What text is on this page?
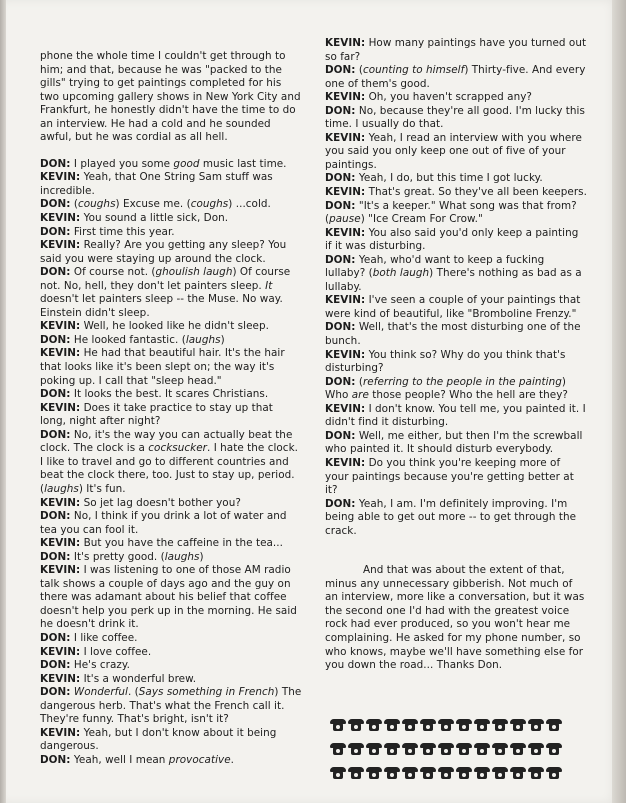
phone the whole time I couldn't get through to him; and that, because he was "packed to the gills" trying to get paintings completed for his two upcoming gallery shows in New York City and Frankfurt, he honestly didn't have the time to do an interview. He had a cold and he sounded awful, but he was cordial as all hell.

DON: I played you some good music last time.

KEVIN: Yeah, that One String Sam stuff was incredible.

DON: (coughs) Excuse me. (coughs) ...cold.

KEVIN: You sound a little sick, Don.

DON: First time this year.

KEVIN: Really? Are you getting any sleep? You said you were staying up around the clock.

DON: Of course not. (ghoulish laugh) Of course not. No, hell, they don't let painters sleep. It doesn't let painters sleep -- the Muse. No way. Einstein didn't sleep.

KEVIN: Well, he looked like he didn't sleep.

DON: He looked fantastic. (laughs)

KEVIN: He had that beautiful hair. It's the hair that looks like it's been slept on; the way it's poking up. I call that "sleep head."

DON: It looks the best. It scares Christians.

KEVIN: Does it take practice to stay up that long, night after night?

DON: No, it's the way you can actually beat the clock. The clock is a cocksucker. I hate the clock. I like to travel and go to different countries and beat the clock there, too. Just to stay up, period. (laughs) It's fun.

KEVIN: So jet lag doesn't bother you?

DON: No, I think if you drink a lot of water and tea you can fool it.

KEVIN: But you have the caffeine in the tea...

DON: It's pretty good. (laughs)

KEVIN: I was listening to one of those AM radio talk shows a couple of days ago and the guy on there was adamant about his belief that coffee doesn't help you perk up in the morning. He said he doesn't drink it.

DON: I like coffee.

KEVIN: I love coffee.

DON: He's crazy.

KEVIN: It's a wonderful brew.

DON: Wonderful. (Says something in French) The dangerous herb. That's what the French call it. They're funny. That's bright, isn't it?

KEVIN: Yeah, but I don't know about it being dangerous.

DON: Yeah, well I mean provocative.

KEVIN: How many paintings have you turned out so far?

DON: (counting to himself) Thirty-five. And every one of them's good.

KEVIN: Oh, you haven't scrapped any?

DON: No, because they're all good. I'm lucky this time. I usually do that.

KEVIN: Yeah, I read an interview with you where you said you only keep one out of five of your paintings.

DON: Yeah, I do, but this time I got lucky.

KEVIN: That's great. So they've all been keepers.

DON: "It's a keeper." What song was that from? (pause) "Ice Cream For Crow."

KEVIN: You also said you'd only keep a painting if it was disturbing.

DON: Yeah, who'd want to keep a fucking lullaby? (both laugh) There's nothing as bad as a lullaby.

KEVIN: I've seen a couple of your paintings that were kind of beautiful, like "Bromboline Frenzy."

DON: Well, that's the most disturbing one of the bunch.

KEVIN: You think so? Why do you think that's disturbing?

DON: (referring to the people in the painting) Who are those people? Who the hell are they?

KEVIN: I don't know. You tell me, you painted it. I didn't find it disturbing.

DON: Well, me either, but then I'm the screwball who painted it. It should disturb everybody.

KEVIN: Do you think you're keeping more of your paintings because you're getting better at it?

DON: Yeah, I am. I'm definitely improving. I'm being able to get out more -- to get through the crack.

And that was about the extent of that, minus any unnecessary gibberish. Not much of an interview, more like a conversation, but it was the second one I'd had with the greatest voice rock had ever produced, so you won't hear me complaining. He asked for my phone number, so who knows, maybe we'll have something else for you down the road... Thanks Don.
